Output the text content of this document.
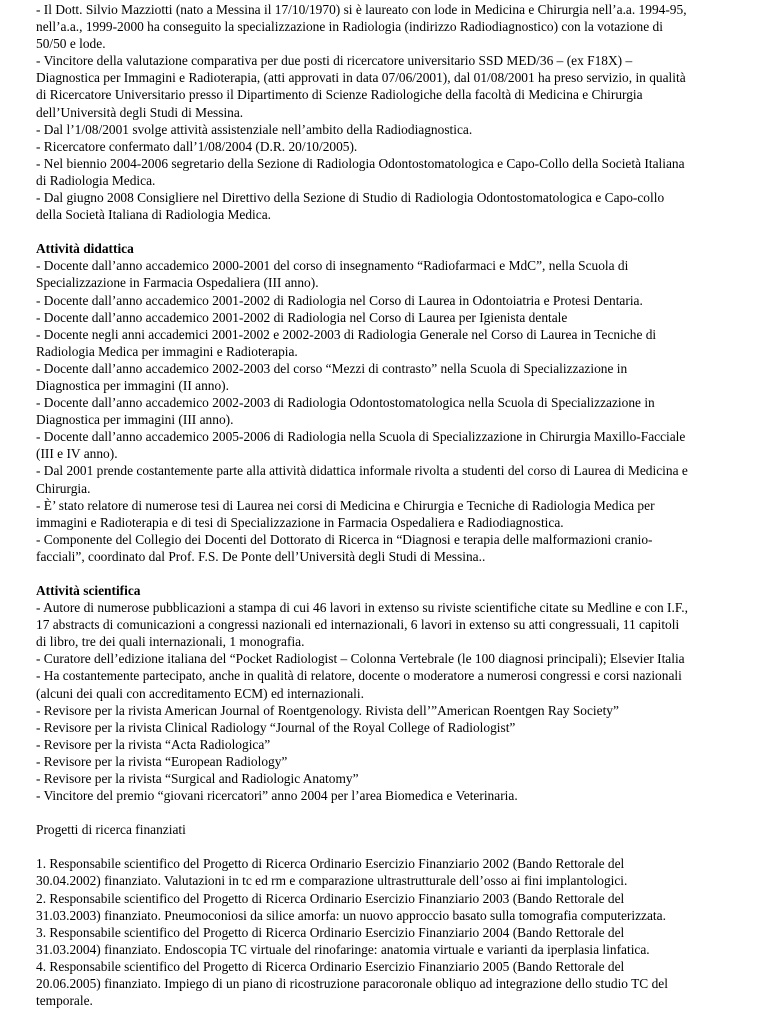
- Il Dott. Silvio Mazziotti (nato a Messina il 17/10/1970) si è laureato con lode in Medicina e Chirurgia nell’a.a. 1994-95,
nell’a.a., 1999-2000 ha conseguito la specializzazione in Radiologia (indirizzo Radiodiagnostico) con la votazione di
50/50 e lode.
- Vincitore della valutazione comparativa per due posti di ricercatore universitario SSD MED/36 – (ex F18X) –
Diagnostica per Immagini e Radioterapia, (atti approvati in data 07/06/2001), dal 01/08/2001 ha preso servizio, in qualità
di Ricercatore Universitario presso il Dipartimento di Scienze Radiologiche della facoltà di Medicina e Chirurgia
dell’Università degli Studi di Messina.
- Dal l’1/08/2001 svolge attività assistenziale nell’ambito della Radiodiagnostica.
- Ricercatore confermato dall’1/08/2004 (D.R. 20/10/2005).
- Nel biennio 2004-2006 segretario della Sezione di Radiologia Odontostomatologica e Capo-Collo della Società Italiana
di Radiologia Medica.
- Dal giugno 2008 Consigliere nel Direttivo della Sezione di Studio di Radiologia Odontostomatologica e Capo-collo
della Società Italiana di Radiologia Medica.
Attività didattica
- Docente dall’anno accademico 2000-2001 del corso di insegnamento “Radiofarmaci e MdC”, nella Scuola di
Specializzazione in Farmacia Ospedaliera (III anno).
- Docente dall’anno accademico 2001-2002 di Radiologia nel Corso di Laurea in Odontoiatria e Protesi Dentaria.
- Docente dall’anno accademico 2001-2002 di Radiologia nel Corso di Laurea per Igienista dentale
- Docente negli anni accademici 2001-2002 e 2002-2003 di Radiologia Generale nel Corso di Laurea in Tecniche di
Radiologia Medica per immagini e Radioterapia.
- Docente dall’anno accademico 2002-2003 del corso “Mezzi di contrasto” nella Scuola di Specializzazione in
Diagnostica per immagini (II anno).
- Docente dall’anno accademico 2002-2003 di Radiologia Odontostomatologica nella Scuola di Specializzazione in
Diagnostica per immagini (III anno).
- Docente dall’anno accademico 2005-2006 di Radiologia nella Scuola di Specializzazione in Chirurgia Maxillo-Facciale
(III e IV anno).
- Dal 2001 prende costantemente parte alla attività didattica informale rivolta a studenti del corso di Laurea di Medicina e
Chirurgia.
- È’ stato relatore di numerose tesi di Laurea nei corsi di Medicina e Chirurgia e Tecniche di Radiologia Medica per
immagini e Radioterapia e di tesi di Specializzazione in Farmacia Ospedaliera e Radiodiagnostica.
- Componente del Collegio dei Docenti del Dottorato di Ricerca in “Diagnosi e terapia delle malformazioni cranio-
facciali”, coordinato dal Prof. F.S. De Ponte dell’Università degli Studi di Messina..
Attività scientifica
- Autore di numerose pubblicazioni a stampa di cui 46 lavori in extenso su riviste scientifiche citate su Medline e con I.F.,
17 abstracts di comunicazioni a congressi nazionali ed internazionali, 6 lavori in extenso su atti congressuali, 11 capitoli
di libro, tre dei quali internazionali, 1 monografia.
- Curatore dell’edizione italiana del “Pocket Radiologist – Colonna Vertebrale (le 100 diagnosi principali); Elsevier Italia
- Ha costantemente partecipato, anche in qualità di relatore, docente o moderatore a numerosi congressi e corsi nazionali
(alcuni dei quali con accreditamento ECM) ed internazionali.
- Revisore per la rivista American Journal of Roentgenology. Rivista dell’”American Roentgen Ray Society”
- Revisore per la rivista Clinical Radiology “Journal of the Royal College of Radiologist”
- Revisore per la rivista “Acta Radiologica”
- Revisore per la rivista “European Radiology”
- Revisore per la rivista “Surgical and Radiologic Anatomy”
- Vincitore del premio “giovani ricercatori” anno 2004 per l’area Biomedica e Veterinaria.
Progetti di ricerca finanziati
1. Responsabile scientifico del Progetto di Ricerca Ordinario Esercizio Finanziario 2002 (Bando Rettorale del
30.04.2002) finanziato. Valutazioni in tc ed rm e comparazione ultrastrutturale dell’osso ai fini implantologici.
2. Responsabile scientifico del Progetto di Ricerca Ordinario Esercizio Finanziario 2003 (Bando Rettorale del
31.03.2003) finanziato. Pneumoconiosi da silice amorfa: un nuovo approccio basato sulla tomografia computerizzata.
3. Responsabile scientifico del Progetto di Ricerca Ordinario Esercizio Finanziario 2004 (Bando Rettorale del
31.03.2004) finanziato. Endoscopia TC virtuale del rinofaringe: anatomia virtuale e varianti da iperplasia linfatica.
4. Responsabile scientifico del Progetto di Ricerca Ordinario Esercizio Finanziario 2005 (Bando Rettorale del
20.06.2005) finanziato. Impiego di un piano di ricostruzione paracoronale obliquo ad integrazione dello studio TC del
temporale.
